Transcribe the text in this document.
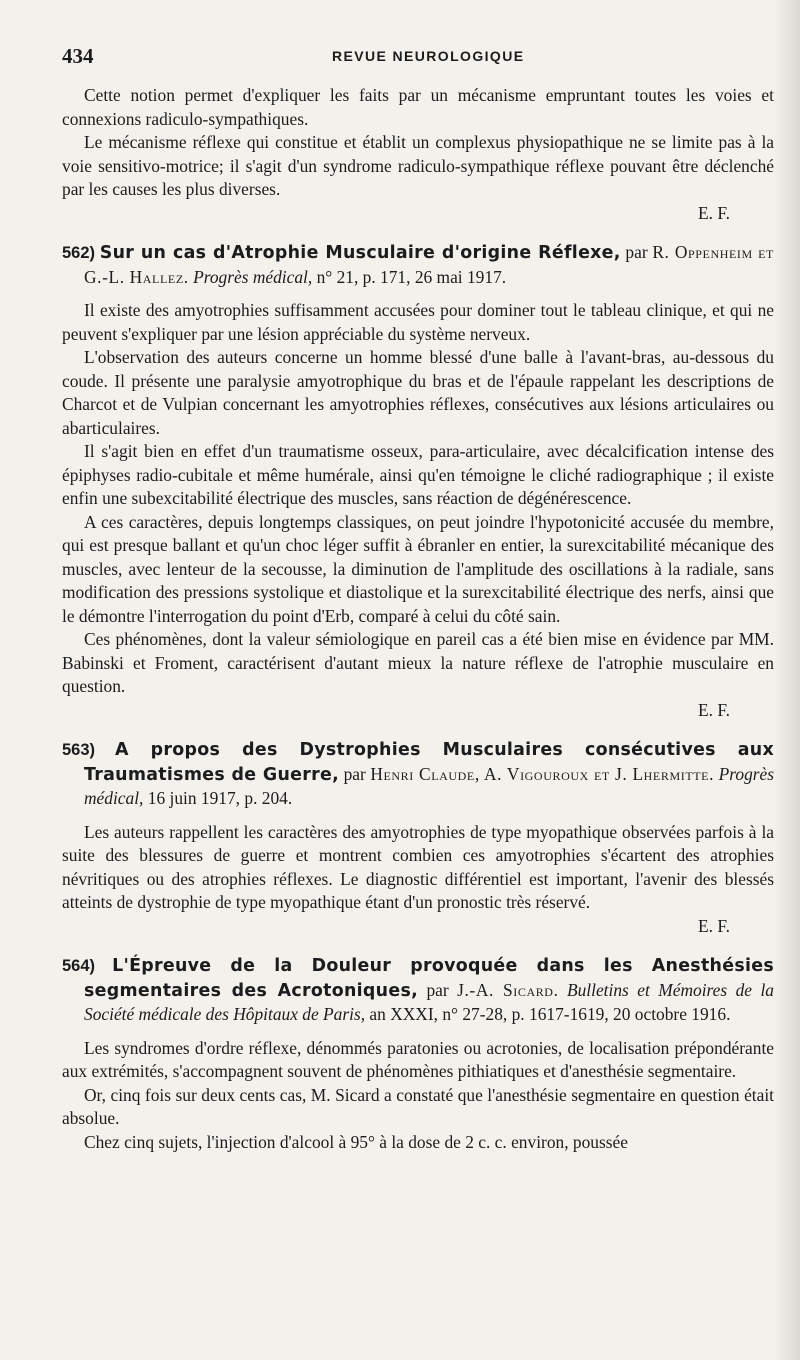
434	REVUE NEUROLOGIQUE

Cette notion permet d'expliquer les faits par un mécanisme empruntant toutes les voies et connexions radiculo-sympathiques.

Le mécanisme réflexe qui constitue et établit un complexus physiopathique ne se limite pas à la voie sensitivo-motrice; il s'agit d'un syndrome radiculo-sympathique réflexe pouvant être déclenché par les causes les plus diverses.

E. F.

562) Sur un cas d'Atrophie Musculaire d'origine Réflexe, par R. Oppenheim et G.-L. Hallez. Progrès médical, n° 21, p. 171, 26 mai 1917.

Il existe des amyotrophies suffisamment accusées pour dominer tout le tableau clinique, et qui ne peuvent s'expliquer par une lésion appréciable du système nerveux.

L'observation des auteurs concerne un homme blessé d'une balle à l'avant-bras, au-dessous du coude. Il présente une paralysie amyotrophique du bras et de l'épaule rappelant les descriptions de Charcot et de Vulpian concernant les amyotrophies réflexes, consécutives aux lésions articulaires ou abarticulaires.

Il s'agit bien en effet d'un traumatisme osseux, para-articulaire, avec décalcification intense des épiphyses radio-cubitale et même humérale, ainsi qu'en témoigne le cliché radiographique ; il existe enfin une subexcitabilité électrique des muscles, sans réaction de dégénérescence.

A ces caractères, depuis longtemps classiques, on peut joindre l'hypotonicité accusée du membre, qui est presque ballant et qu'un choc léger suffit à ébranler en entier, la surexcitabilité mécanique des muscles, avec lenteur de la secousse, la diminution de l'amplitude des oscillations à la radiale, sans modification des pressions systolique et diastolique et la surexcitabilité électrique des nerfs, ainsi que le démontre l'interrogation du point d'Erb, comparé à celui du côté sain.

Ces phénomènes, dont la valeur sémiologique en pareil cas a été bien mise en évidence par MM. Babinski et Froment, caractérisent d'autant mieux la nature réflexe de l'atrophie musculaire en question.

E. F.

563) A propos des Dystrophies Musculaires consécutives aux Traumatismes de Guerre, par Henri Claude, A. Vigouroux et J. Lhermitte. Progrès médical, 16 juin 1917, p. 204.

Les auteurs rappellent les caractères des amyotrophies de type myopathique observées parfois à la suite des blessures de guerre et montrent combien ces amyotrophies s'écartent des atrophies névritiques ou des atrophies réflexes. Le diagnostic différentiel est important, l'avenir des blessés atteints de dystrophie de type myopathique étant d'un pronostic très réservé.

E. F.

564) L'Épreuve de la Douleur provoquée dans les Anesthésies segmentaires des Acrotoniques, par J.-A. Sicard. Bulletins et Mémoires de la Société médicale des Hôpitaux de Paris, an XXXI, n° 27-28, p. 1617-1619, 20 octobre 1916.

Les syndromes d'ordre réflexe, dénommés paratonies ou acrotonies, de localisation prépondérante aux extrémités, s'accompagnent souvent de phénomènes pithiatiques et d'anesthésie segmentaire.

Or, cinq fois sur deux cents cas, M. Sicard a constaté que l'anesthésie segmentaire en question était absolue.

Chez cinq sujets, l'injection d'alcool à 95° à la dose de 2 c. c. environ, poussée
